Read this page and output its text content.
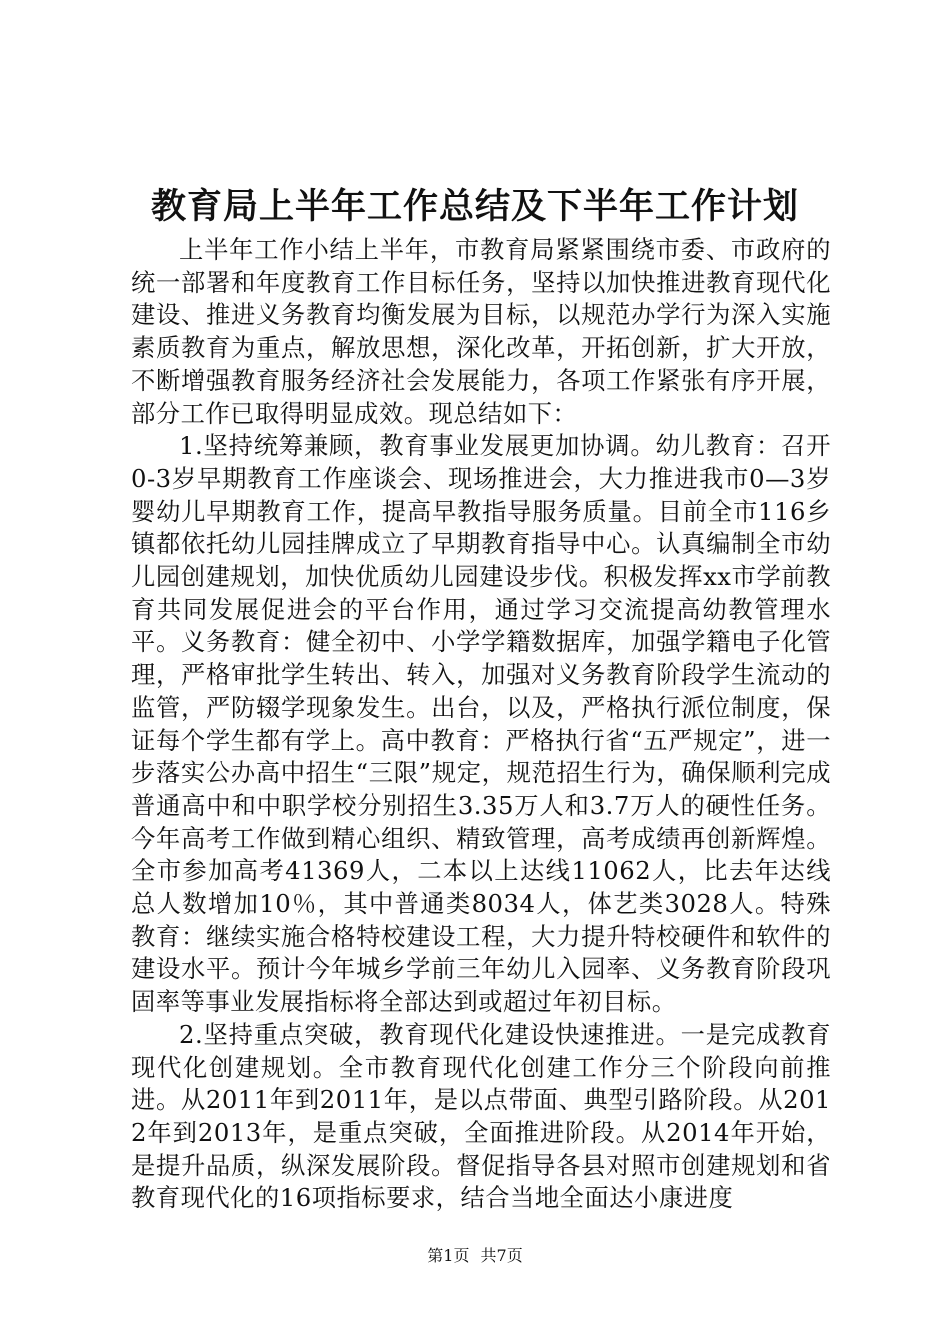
教育局上半年工作总结及下半年工作计划

上半年工作小结上半年，市教育局紧紧围绕市委、市政府的统一部署和年度教育工作目标任务，坚持以加快推进教育现代化建设、推进义务教育均衡发展为目标，以规范办学行为深入实施素质教育为重点，解放思想，深化改革，开拓创新，扩大开放，不断增强教育服务经济社会发展能力，各项工作紧张有序开展，部分工作已取得明显成效。现总结如下：

1.坚持统筹兼顾，教育事业发展更加协调。幼儿教育：召开0-3岁早期教育工作座谈会、现场推进会，大力推进我市0—3岁婴幼儿早期教育工作，提高早教指导服务质量。目前全市116乡镇都依托幼儿园挂牌成立了早期教育指导中心。认真编制全市幼儿园创建规划，加快优质幼儿园建设步伐。积极发挥xx市学前教育共同发展促进会的平台作用，通过学习交流提高幼教管理水平。义务教育：健全初中、小学学籍数据库，加强学籍电子化管理，严格审批学生转出、转入，加强对义务教育阶段学生流动的监管，严防辍学现象发生。出台，以及，严格执行派位制度，保证每个学生都有学上。高中教育：严格执行省“五严规定”，进一步落实公办高中招生“三限”规定，规范招生行为，确保顺利完成普通高中和中职学校分别招生3.35万人和3.7万人的硬性任务。今年高考工作做到精心组织、精致管理，高考成绩再创新辉煌。全市参加高考41369人，二本以上达线11062人，比去年达线总人数增加10％，其中普通类8034人，体艺类3028人。特殊教育：继续实施合格特校建设工程，大力提升特校硬件和软件的建设水平。预计今年城乡学前三年幼儿入园率、义务教育阶段巩固率等事业发展指标将全部达到或超过年初目标。

2.坚持重点突破，教育现代化建设快速推进。一是完成教育现代化创建规划。全市教育现代化创建工作分三个阶段向前推进。从2011年到2011年，是以点带面、典型引路阶段。从2012年到2013年，是重点突破，全面推进阶段。从2014年开始，是提升品质，纵深发展阶段。督促指导各县对照市创建规划和省教育现代化的16项指标要求，结合当地全面达小康进度

第1页 共7页
